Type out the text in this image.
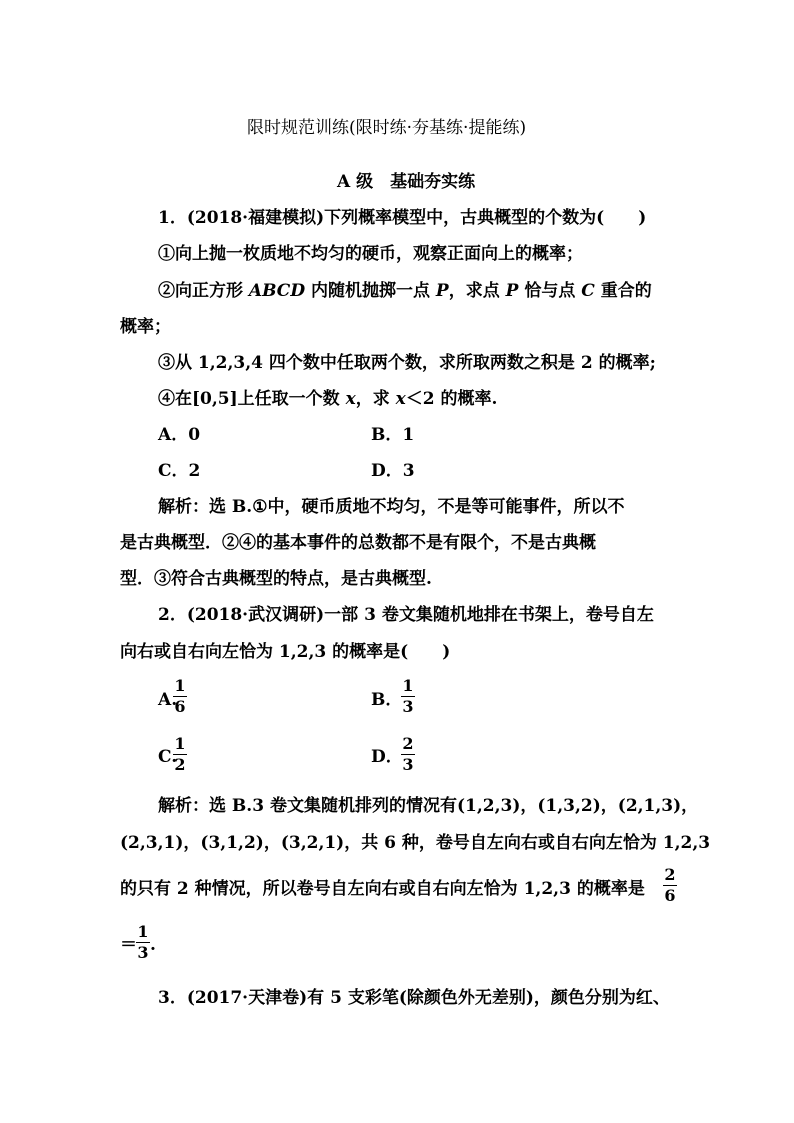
限时规范训练(限时练·夯基练·提能练)
A 级　基础夯实练
1．(2018·福建模拟)下列概率模型中，古典概型的个数为(　　)
①向上抛一枚质地不均匀的硬币，观察正面向上的概率；
②向正方形 ABCD 内随机抛掷一点 P，求点 P 恰与点 C 重合的
概率；
③从 1,2,3,4 四个数中任取两个数，求所取两数之积是 2 的概率;
④在[0,5]上任取一个数 x，求 x＜2 的概率.
A．0	B．1
C．2	D．3
解析：选 B.①中，硬币质地不均匀，不是等可能事件，所以不
是古典概型．②④的基本事件的总数都不是有限个，不是古典概
型．③符合古典概型的特点，是古典概型.
2．(2018·武汉调研)一部 3 卷文集随机地排在书架上，卷号自左
向右或自右向左恰为 1,2,3 的概率是(　　)
A.
1
6	B．
1
3
C.
1
2	D．
2
3
解析：选 B.3 卷文集随机排列的情况有(1,2,3)，(1,3,2)，(2,1,3)，
(2,3,1)，(3,1,2)，(3,2,1)，共 6 种，卷号自左向右或自右向左恰为 1,2,3
的只有 2 种情况，所以卷号自左向右或自右向左恰为 1,2,3 的概率是
2
6
＝
1
3 .
3．(2017·天津卷)有 5 支彩笔(除颜色外无差别)，颜色分别为红、
